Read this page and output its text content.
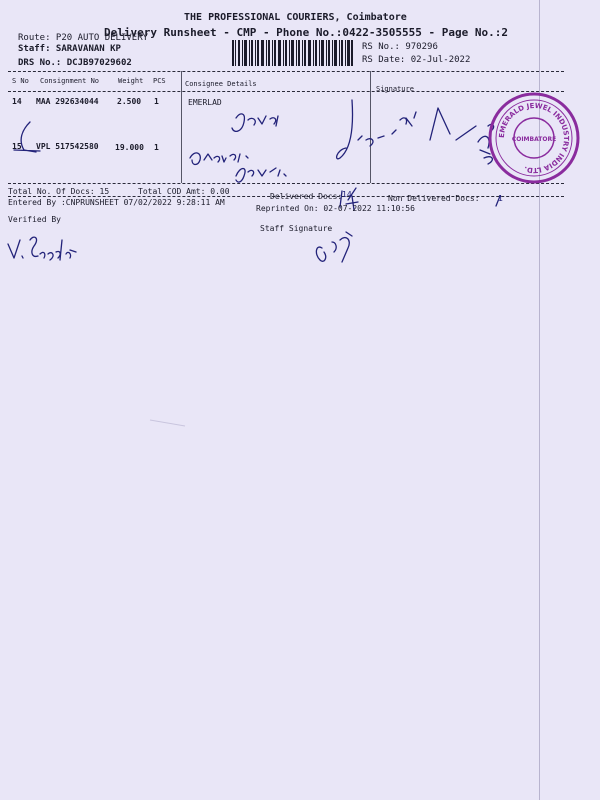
THE PROFESSIONAL COURIERS, Coimbatore
Delivery Runsheet - CMP - Phone No.:0422-3505555 - Page No.:2
Route: P20 AUTO DELIVERY
Staff: SARAVANAN KP
DRS No.: DCJB97029602
RS No.: 970296
RS Date: 02-Jul-2022
S No Consignment No	Weight PCS	Consignee Details
Signature
14 MAA 292634044 2.500 1	EMERLAD
15 VPL 517542580 19.000 1
EMERALD JEWEL INDUSTRY INDIA LTD.
COIMBATORE
Total No. Of Docs: 15	Total COD Amt: 0.00
Delivered Docs: 14	Non Delivered Docs: 1
Entered By :CNPRUNSHEET 07/02/2022 9:28:11 AM
Reprinted On: 02-07-2022 11:10:56
Verified By
Staff Signature
